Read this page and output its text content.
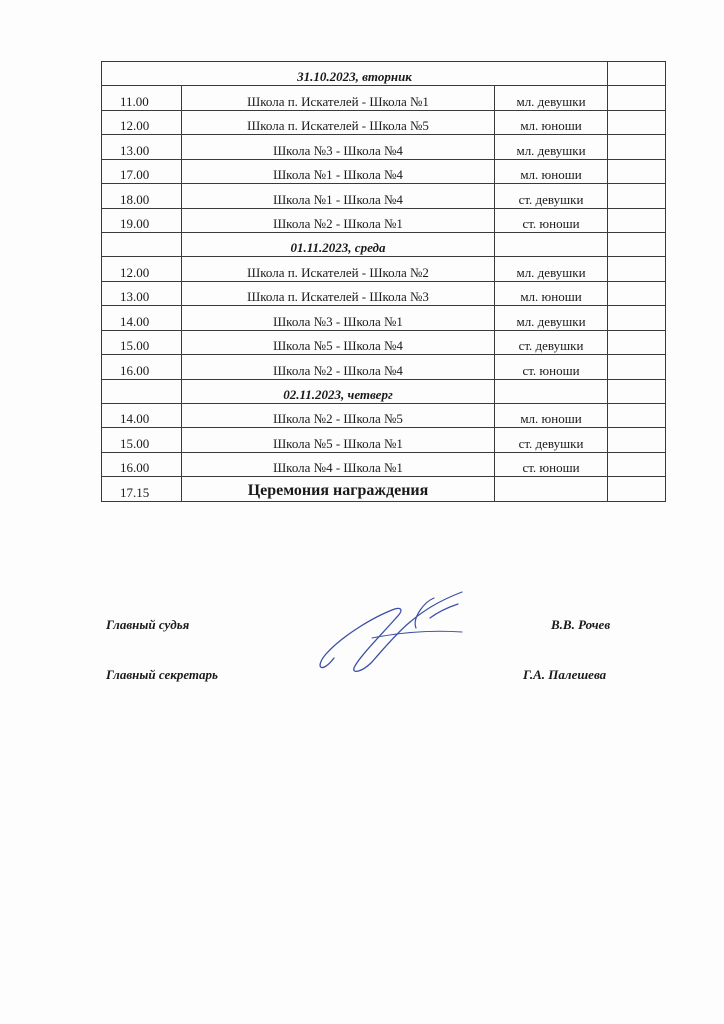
31.10.2023, вторник			
11.00	Школа п. Искателей - Школа №1	мл. девушки	
12.00	Школа п. Искателей - Школа №5	мл. юноши	
13.00	Школа №3 - Школа №4	мл. девушки	
17.00	Школа №1 - Школа №4	мл. юноши	
18.00	Школа №1 - Школа №4	ст. девушки	
19.00	Школа №2 - Школа №1	ст. юноши	
	01.11.2023, среда		
12.00	Школа п. Искателей - Школа №2	мл. девушки	
13.00	Школа п. Искателей - Школа №3	мл. юноши	
14.00	Школа №3 - Школа №1	мл. девушки	
15.00	Школа №5 - Школа №4	ст. девушки	
16.00	Школа №2 - Школа №4	ст. юноши	
	02.11.2023, четверг		
14.00	Школа №2 - Школа №5	мл. юноши	
15.00	Школа №5 - Школа №1	ст. девушки	
16.00	Школа №4 - Школа №1	ст. юноши	
17.15	Церемония награждения		
Главный судья	В.В. Рочев
Главный секретарь	Г.А. Палешева
